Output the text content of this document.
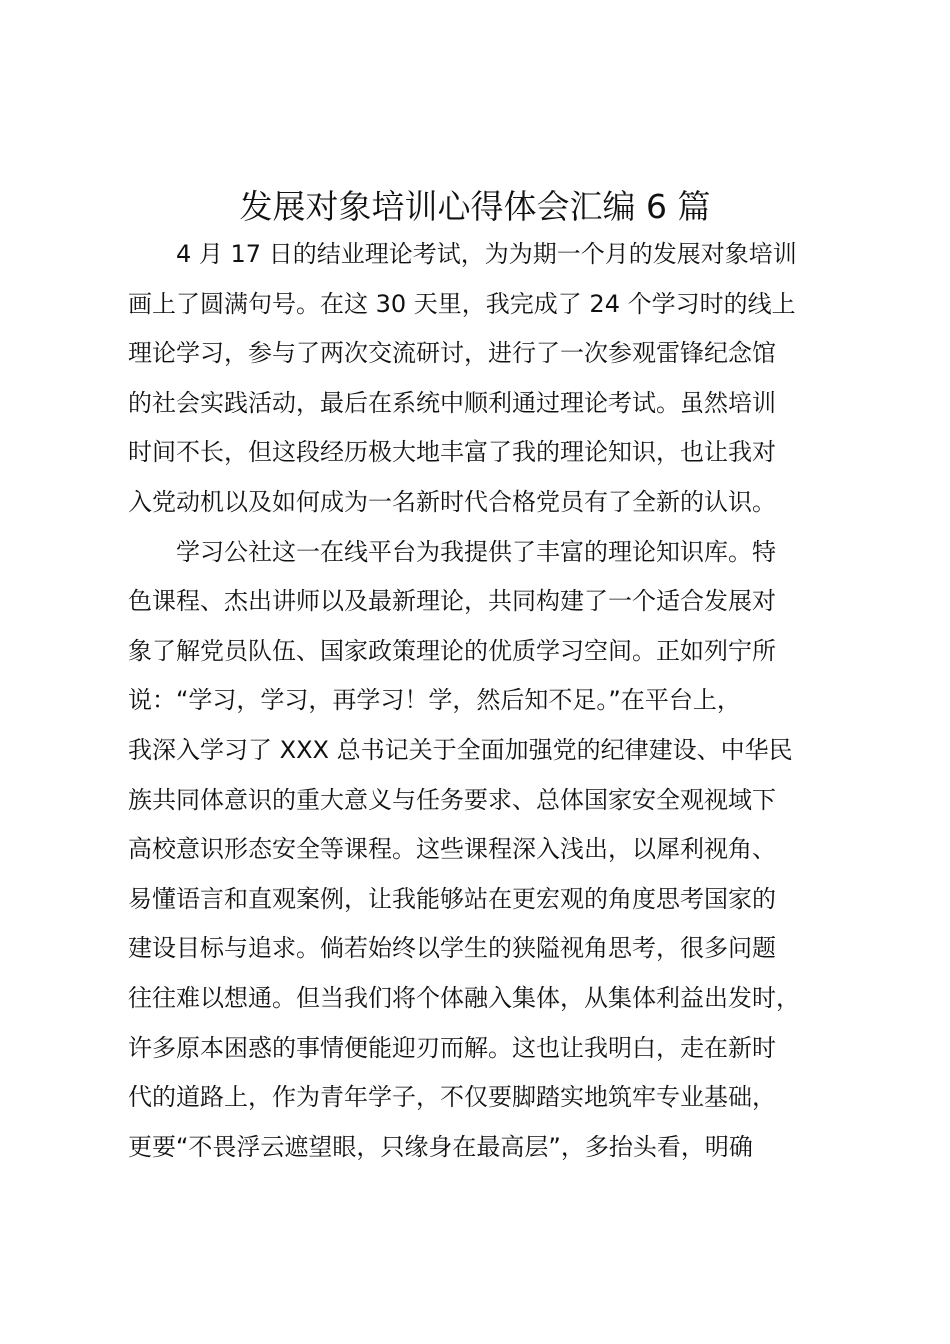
发展对象培训心得体会汇编 6 篇

4 月 17 日的结业理论考试，为为期一个月的发展对象培训

画上了圆满句号。在这 30 天里，我完成了 24 个学习时的线上

理论学习，参与了两次交流研讨，进行了一次参观雷锋纪念馆

的社会实践活动，最后在系统中顺利通过理论考试。虽然培训

时间不长，但这段经历极大地丰富了我的理论知识，也让我对

入党动机以及如何成为一名新时代合格党员有了全新的认识。

学习公社这一在线平台为我提供了丰富的理论知识库。特

色课程、杰出讲师以及最新理论，共同构建了一个适合发展对

象了解党员队伍、国家政策理论的优质学习空间。正如列宁所

说：“学习，学习，再学习！学，然后知不足。”在平台上，

我深入学习了 XXX 总书记关于全面加强党的纪律建设、中华民

族共同体意识的重大意义与任务要求、总体国家安全观视域下

高校意识形态安全等课程。这些课程深入浅出，以犀利视角、

易懂语言和直观案例，让我能够站在更宏观的角度思考国家的

建设目标与追求。倘若始终以学生的狭隘视角思考，很多问题

往往难以想通。但当我们将个体融入集体，从集体利益出发时，

许多原本困惑的事情便能迎刃而解。这也让我明白，走在新时

代的道路上，作为青年学子，不仅要脚踏实地筑牢专业基础，

更要“不畏浮云遮望眼，只缘身在最高层”，多抬头看，明确
